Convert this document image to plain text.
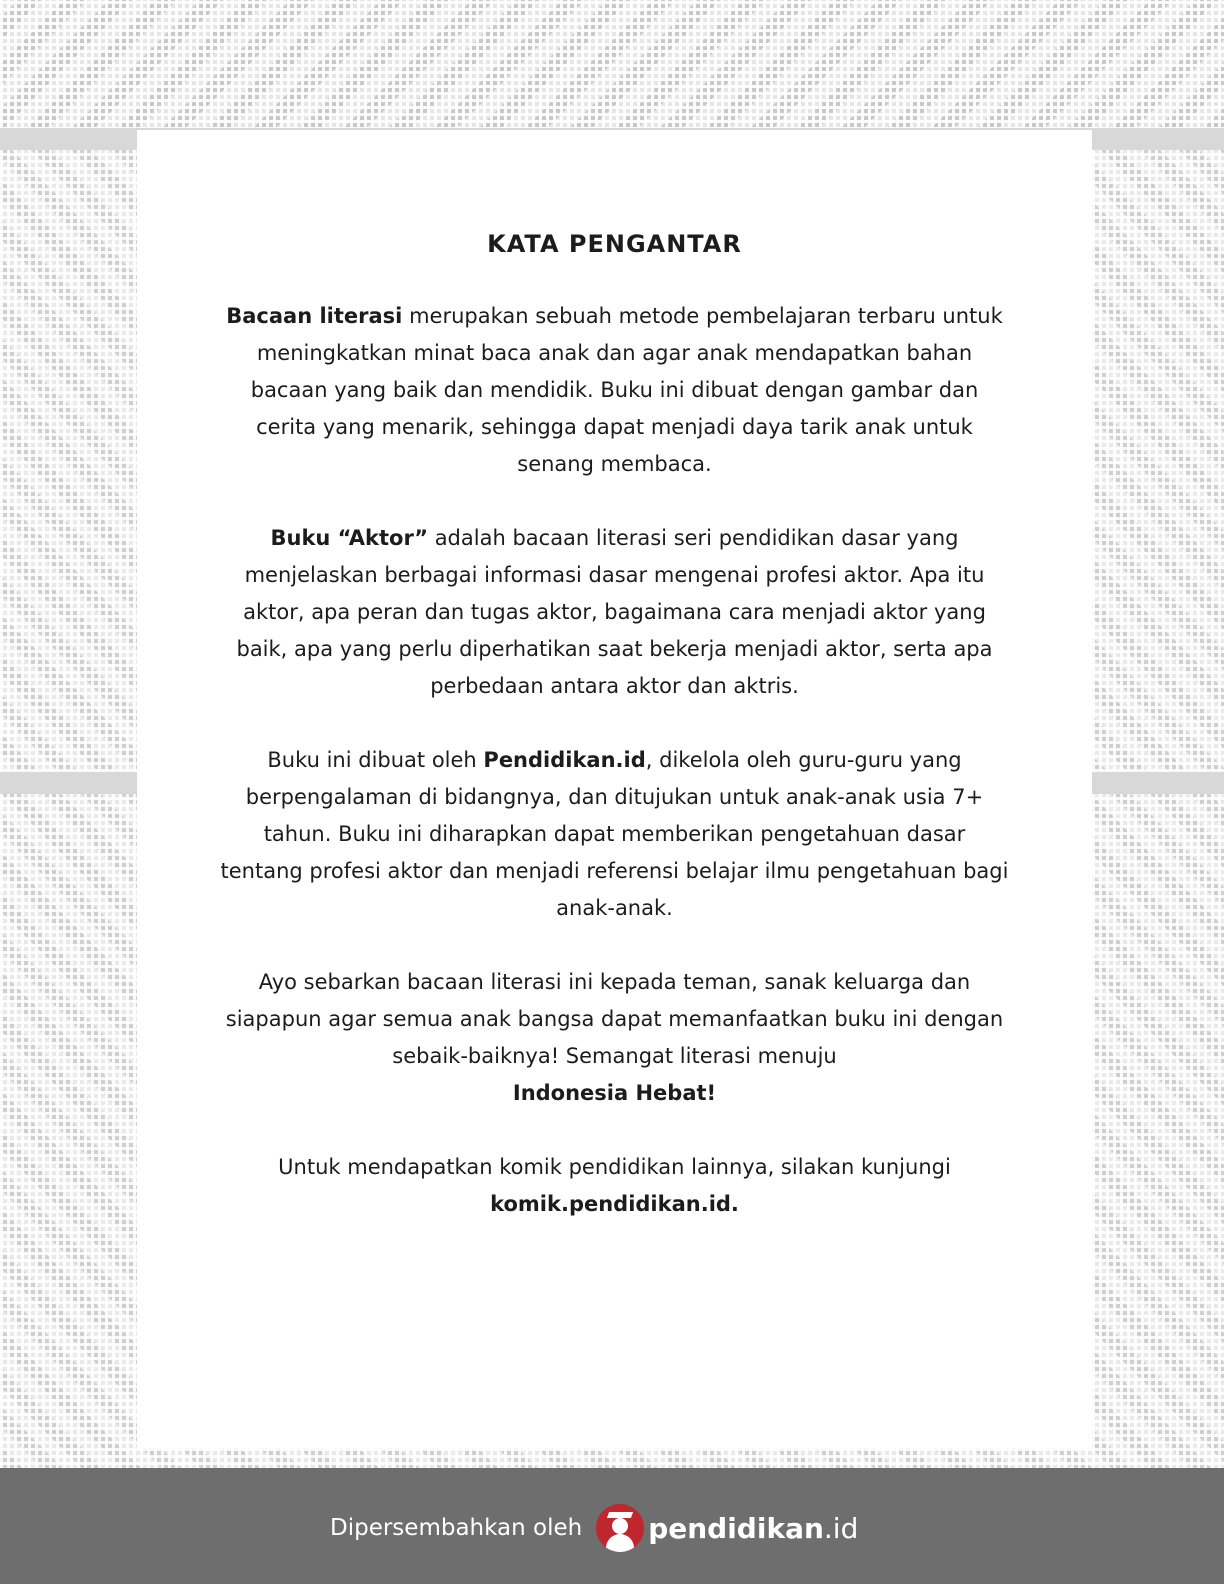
KATA PENGANTAR

Bacaan literasi merupakan sebuah metode pembelajaran terbaru untuk meningkatkan minat baca anak dan agar anak mendapatkan bahan bacaan yang baik dan mendidik. Buku ini dibuat dengan gambar dan cerita yang menarik, sehingga dapat menjadi daya tarik anak untuk senang membaca.

Buku “Aktor” adalah bacaan literasi seri pendidikan dasar yang menjelaskan berbagai informasi dasar mengenai profesi aktor. Apa itu aktor, apa peran dan tugas aktor, bagaimana cara menjadi aktor yang baik, apa yang perlu diperhatikan saat bekerja menjadi aktor, serta apa perbedaan antara aktor dan aktris.

Buku ini dibuat oleh Pendidikan.id, dikelola oleh guru-guru yang berpengalaman di bidangnya, dan ditujukan untuk anak-anak usia 7+ tahun. Buku ini diharapkan dapat memberikan pengetahuan dasar tentang profesi aktor dan menjadi referensi belajar ilmu pengetahuan bagi anak-anak.

Ayo sebarkan bacaan literasi ini kepada teman, sanak keluarga dan siapapun agar semua anak bangsa dapat memanfaatkan buku ini dengan sebaik-baiknya! Semangat literasi menuju
Indonesia Hebat!

Untuk mendapatkan komik pendidikan lainnya, silakan kunjungi
komik.pendidikan.id.

Dipersembahkan oleh pendidikan.id
